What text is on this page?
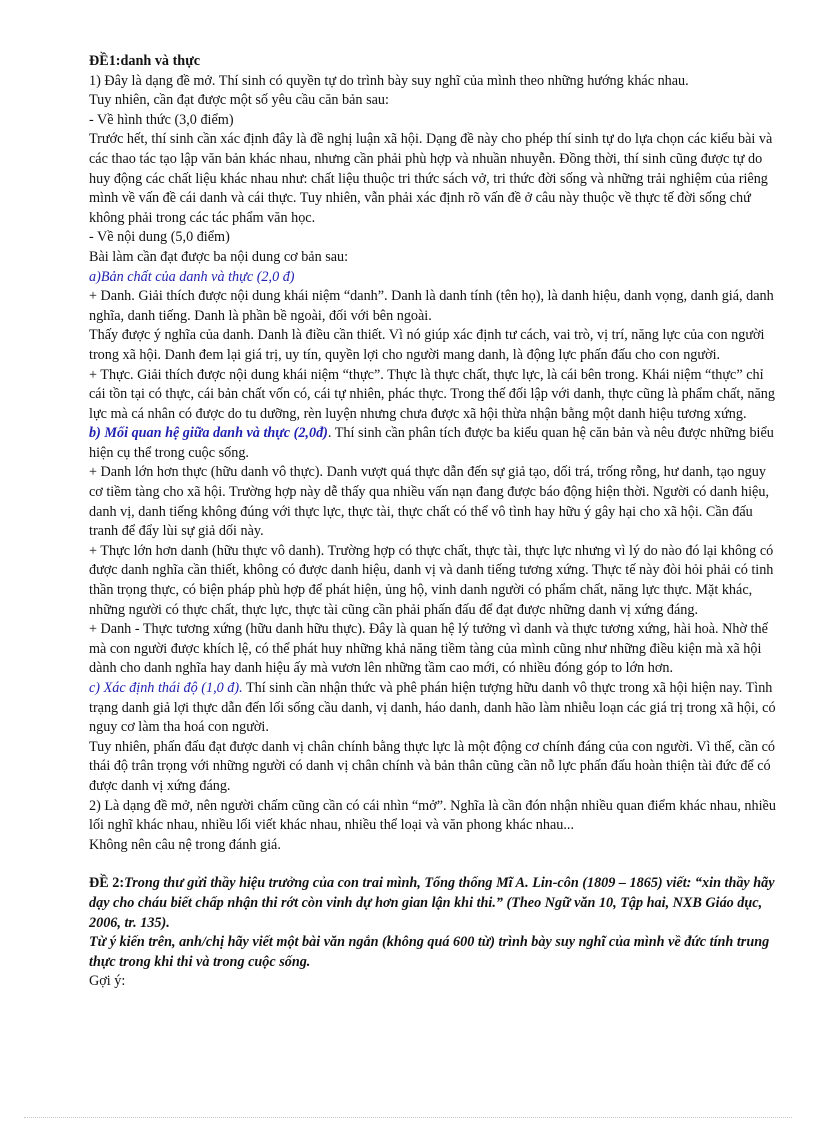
ĐỀ1:danh và thực

1) Đây là dạng đề mở. Thí sinh có quyền tự do trình bày suy nghĩ của mình theo những hướng khác nhau.

Tuy nhiên, cần đạt được một số yêu cầu căn bản sau:

- Về hình thức (3,0 điểm)

Trước hết, thí sinh cần xác định đây là đề nghị luận xã hội. Dạng đề này cho phép thí sinh tự do lựa chọn các kiểu bài và các thao tác tạo lập văn bản khác nhau, nhưng cần phải phù hợp và nhuần nhuyễn. Đồng thời, thí sinh cũng được tự do huy động các chất liệu khác nhau như: chất liệu thuộc tri thức sách vở, tri thức đời sống và những trải nghiệm của riêng mình về vấn đề cái danh và cái thực. Tuy nhiên, vẫn phải xác định rõ vấn đề ở câu này thuộc về thực tế đời sống chứ không phải trong các tác phẩm văn học.

- Về nội dung (5,0 điểm)

Bài làm cần đạt được ba nội dung cơ bản sau:

a)Bản chất của danh và thực (2,0 đ)

+ Danh. Giải thích được nội dung khái niệm “danh”. Danh là danh tính (tên họ), là danh hiệu, danh vọng, danh giá, danh nghĩa, danh tiếng. Danh là phần bề ngoài, đối với bên ngoài.

Thấy được ý nghĩa của danh. Danh là điều cần thiết. Vì nó giúp xác định tư cách, vai trò, vị trí, năng lực của con người trong xã hội. Danh đem lại giá trị, uy tín, quyền lợi cho người mang danh, là động lực phấn đấu cho con người.

+ Thực. Giải thích được nội dung khái niệm “thực”. Thực là thực chất, thực lực, là cái bên trong. Khái niệm “thực” chỉ cái tồn tại có thực, cái bản chất vốn có, cái tự nhiên, phác thực. Trong thế đối lập với danh, thực cũng là phẩm chất, năng lực mà cá nhân có được do tu dưỡng, rèn luyện nhưng chưa được xã hội thừa nhận bằng một danh hiệu tương xứng.

b) Mối quan hệ giữa danh và thực (2,0đ). Thí sinh cần phân tích được ba kiểu quan hệ căn bản và nêu được những biểu hiện cụ thể trong cuộc sống.

+ Danh lớn hơn thực (hữu danh vô thực). Danh vượt quá thực dẫn đến sự giả tạo, dối trá, trống rỗng, hư danh, tạo nguy cơ tiềm tàng cho xã hội. Trường hợp này dễ thấy qua nhiều vấn nạn đang được báo động hiện thời. Người có danh hiệu, danh vị, danh tiếng không đúng với thực lực, thực tài, thực chất có thể vô tình hay hữu ý gây hại cho xã hội. Cần đấu tranh để đẩy lùi sự giả dối này.

+ Thực lớn hơn danh (hữu thực vô danh). Trường hợp có thực chất, thực tài, thực lực nhưng vì lý do nào đó lại không có được danh nghĩa cần thiết, không có được danh hiệu, danh vị và danh tiếng tương xứng. Thực tế này đòi hỏi phải có tinh thần trọng thực, có biện pháp phù hợp để phát hiện, ủng hộ, vinh danh người có phẩm chất, năng lực thực. Mặt khác, những người có thực chất, thực lực, thực tài cũng cần phải phấn đấu để đạt được những danh vị xứng đáng.

+ Danh - Thực tương xứng (hữu danh hữu thực). Đây là quan hệ lý tưởng vì danh và thực tương xứng, hài hoà. Nhờ thế mà con người được khích lệ, có thể phát huy những khả năng tiềm tàng của mình cũng như những điều kiện mà xã hội dành cho danh nghĩa hay danh hiệu ấy mà vươn lên những tầm cao mới, có nhiều đóng góp to lớn hơn.

c) Xác định thái độ (1,0 đ). Thí sinh cần nhận thức và phê phán hiện tượng hữu danh vô thực trong xã hội hiện nay. Tình trạng danh giả lợi thực dẫn đến lối sống cầu danh, vị danh, háo danh, danh hão làm nhiễu loạn các giá trị trong xã hội, có nguy cơ làm tha hoá con người.

Tuy nhiên, phấn đấu đạt được danh vị chân chính bằng thực lực là một động cơ chính đáng của con người. Vì thế, cần có thái độ trân trọng với những người có danh vị chân chính và bản thân cũng cần nỗ lực phấn đấu hoàn thiện tài đức để có được danh vị xứng đáng.

2) Là dạng đề mở, nên người chấm cũng cần có cái nhìn “mở”. Nghĩa là cần đón nhận nhiều quan điểm khác nhau, nhiều lối nghĩ khác nhau, nhiều lối viết khác nhau, nhiều thể loại và văn phong khác nhau...

Không nên câu nệ trong đánh giá.

ĐỀ 2:Trong thư gửi thầy hiệu trưởng của con trai mình, Tổng thống Mĩ A. Lin-côn (1809 – 1865) viết: “xin thầy hãy dạy cho cháu biết chấp nhận thi rớt còn vinh dự hơn gian lận khi thi.” (Theo Ngữ văn 10, Tập hai, NXB Giáo dục, 2006, tr. 135).

Từ ý kiến trên, anh/chị hãy viết một bài văn ngắn (không quá 600 từ) trình bày suy nghĩ của mình về đức tính trung thực trong khi thi và trong cuộc sống.

Gợi ý:
